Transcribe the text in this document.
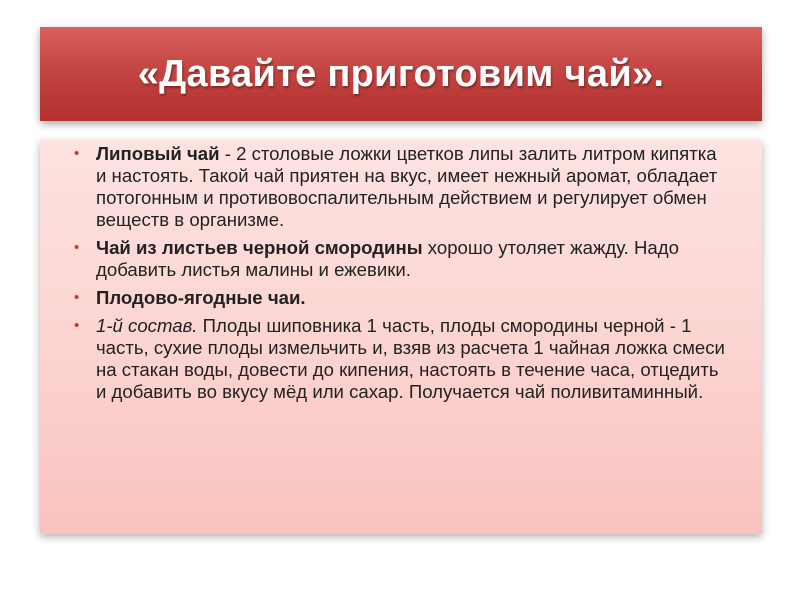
«Давайте приготовим чай».
• Липовый чай - 2 столовые ложки цветков липы залить литром кипятка и настоять. Такой чай приятен на вкус, имеет нежный аромат, обладает потогонным и противовоспалительным действием и регулирует обмен веществ в организме.
• Чай из листьев черной смородины хорошо утоляет жажду. Надо добавить листья малины и ежевики.
• Плодово-ягодные чаи.
• 1-й состав. Плоды шиповника 1 часть, плоды смородины черной - 1 часть, сухие плоды измельчить и, взяв из расчета 1 чайная ложка смеси на стакан воды, довести до кипения, настоять в течение часа, отцедить и добавить во вкусу мёд или сахар. Получается чай поливитаминный.
